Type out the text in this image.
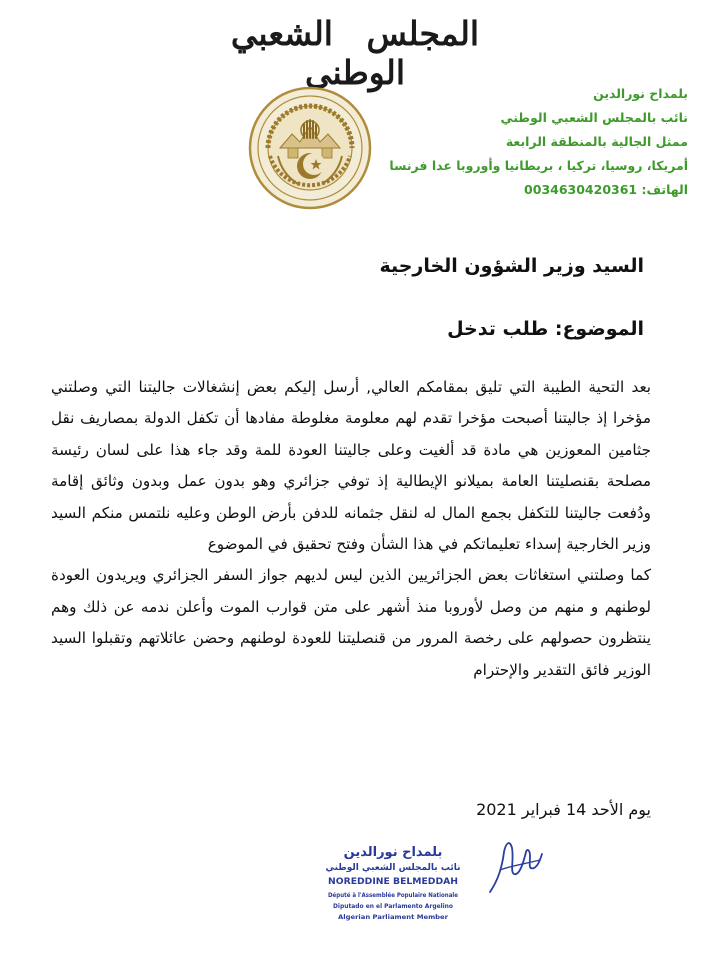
المجلس الشعبي الوطني
بلمداح نورالدين
نائب بالمجلس الشعبي الوطني
ممثل الجالية بالمنطقة الرابعة
أمريكا، روسيا، تركيا ، بريطانيا وأوروبا عدا فرنسا
الهاتف: 0034630420361
السيد وزير الشؤون الخارجية
الموضوع: طلب تدخل

بعد التحية الطيبة التي تليق بمقامكم العالي, أرسل إليكم بعض إنشغالات جاليتنا التي وصلتني مؤخرا إذ جاليتنا أصبحت مؤخرا تقدم لهم معلومة مغلوطة مفادها أن تكفل الدولة بمصاريف نقل جثامين المعوزين هي مادة قد ألغيت وعلى جاليتنا العودة للمة وقد جاء هذا على لسان رئيسة مصلحة بقنصليتنا العامة بميلانو الإيطالية إذ توفي جزائري وهو بدون عمل وبدون وثائق إقامة ودُفعت جاليتنا للتكفل بجمع المال له لنقل جثمانه للدفن بأرض الوطن وعليه نلتمس منكم السيد وزير الخارجية إسداء تعليماتكم في هذا الشأن وفتح تحقيق في الموضوع

كما وصلتني استغاثات بعض الجزائريين الذين ليس لديهم جواز السفر الجزائري ويريدون العودة لوطنهم و منهم من وصل لأوروبا منذ أشهر على متن قوارب الموت وأعلن ندمه عن ذلك وهم ينتظرون حصولهم على رخصة المرور من قنصليتنا للعودة لوطنهم وحضن عائلاتهم وتقبلوا السيد الوزير فائق التقدير والإحترام

يوم الأحد 14 فبراير 2021
بلمداح نورالدين
نائب بالمجلس الشعبي الوطني
NOREDDINE BELMEDDAH
Député à l'Assemblée Populaire Nationale
Diputado en el Parlamento Argelino
Algerian Parliament Member
